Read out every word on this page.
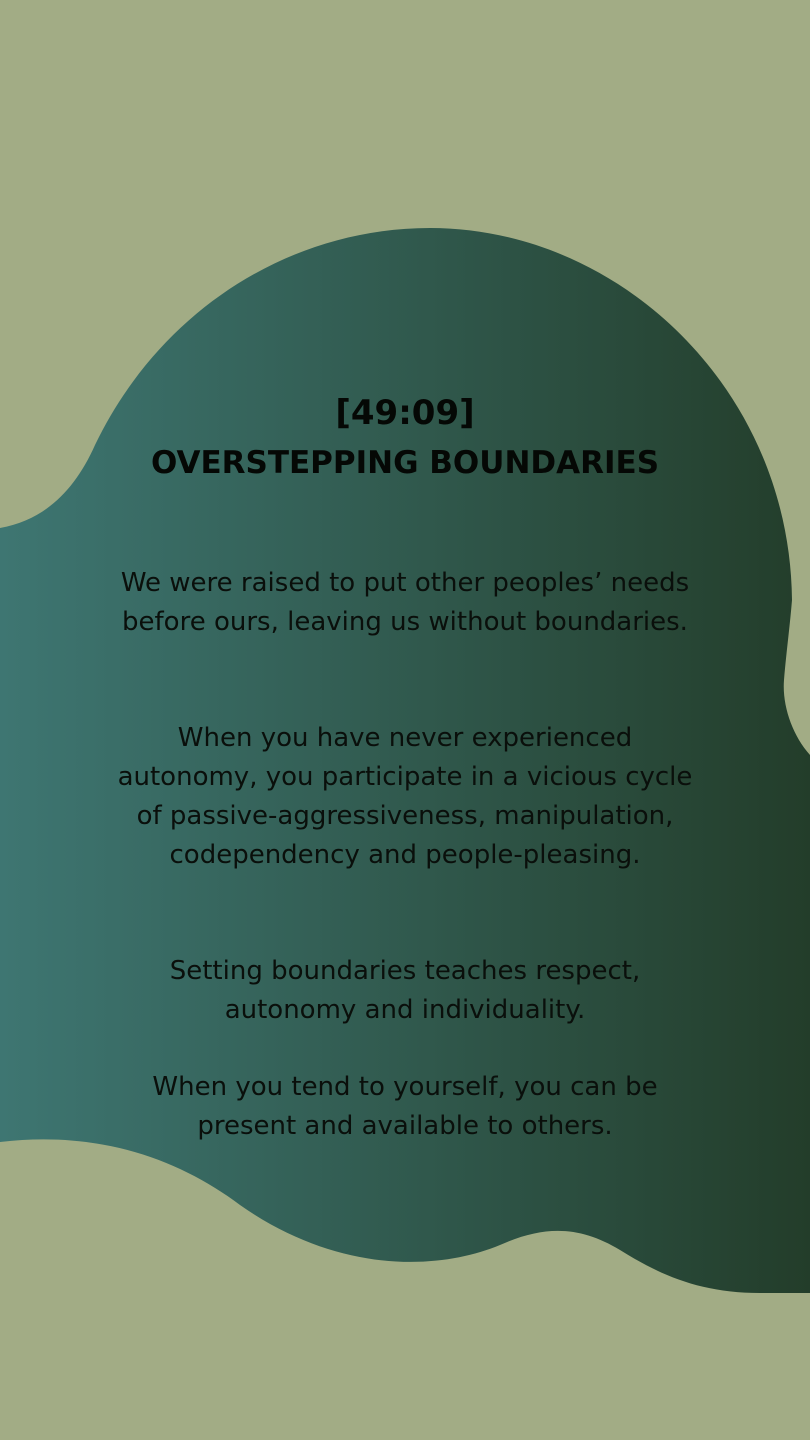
[49:09]
OVERSTEPPING BOUNDARIES

We were raised to put other peoples’ needs before ours, leaving us without boundaries.

When you have never experienced autonomy, you participate in a vicious cycle of passive-aggressiveness, manipulation, codependency and people-pleasing.

Setting boundaries teaches respect, autonomy and individuality.

When you tend to yourself, you can be present and available to others.
